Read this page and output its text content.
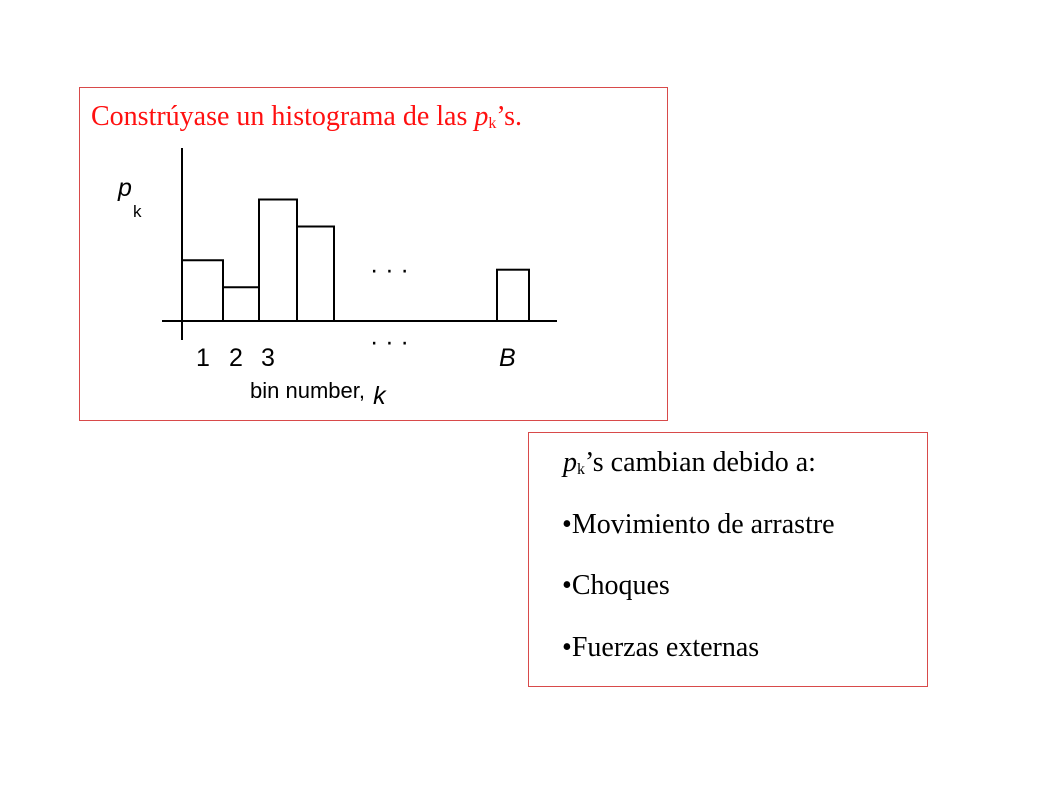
Constrúyase un histograma de las $p_k’s$.
p
k
· · ·
· · ·
1 2 3	B
bin number, k
$p_k’s$ cambian debido a:
•Movimiento de arrastre
•Choques
•Fuerzas externas
